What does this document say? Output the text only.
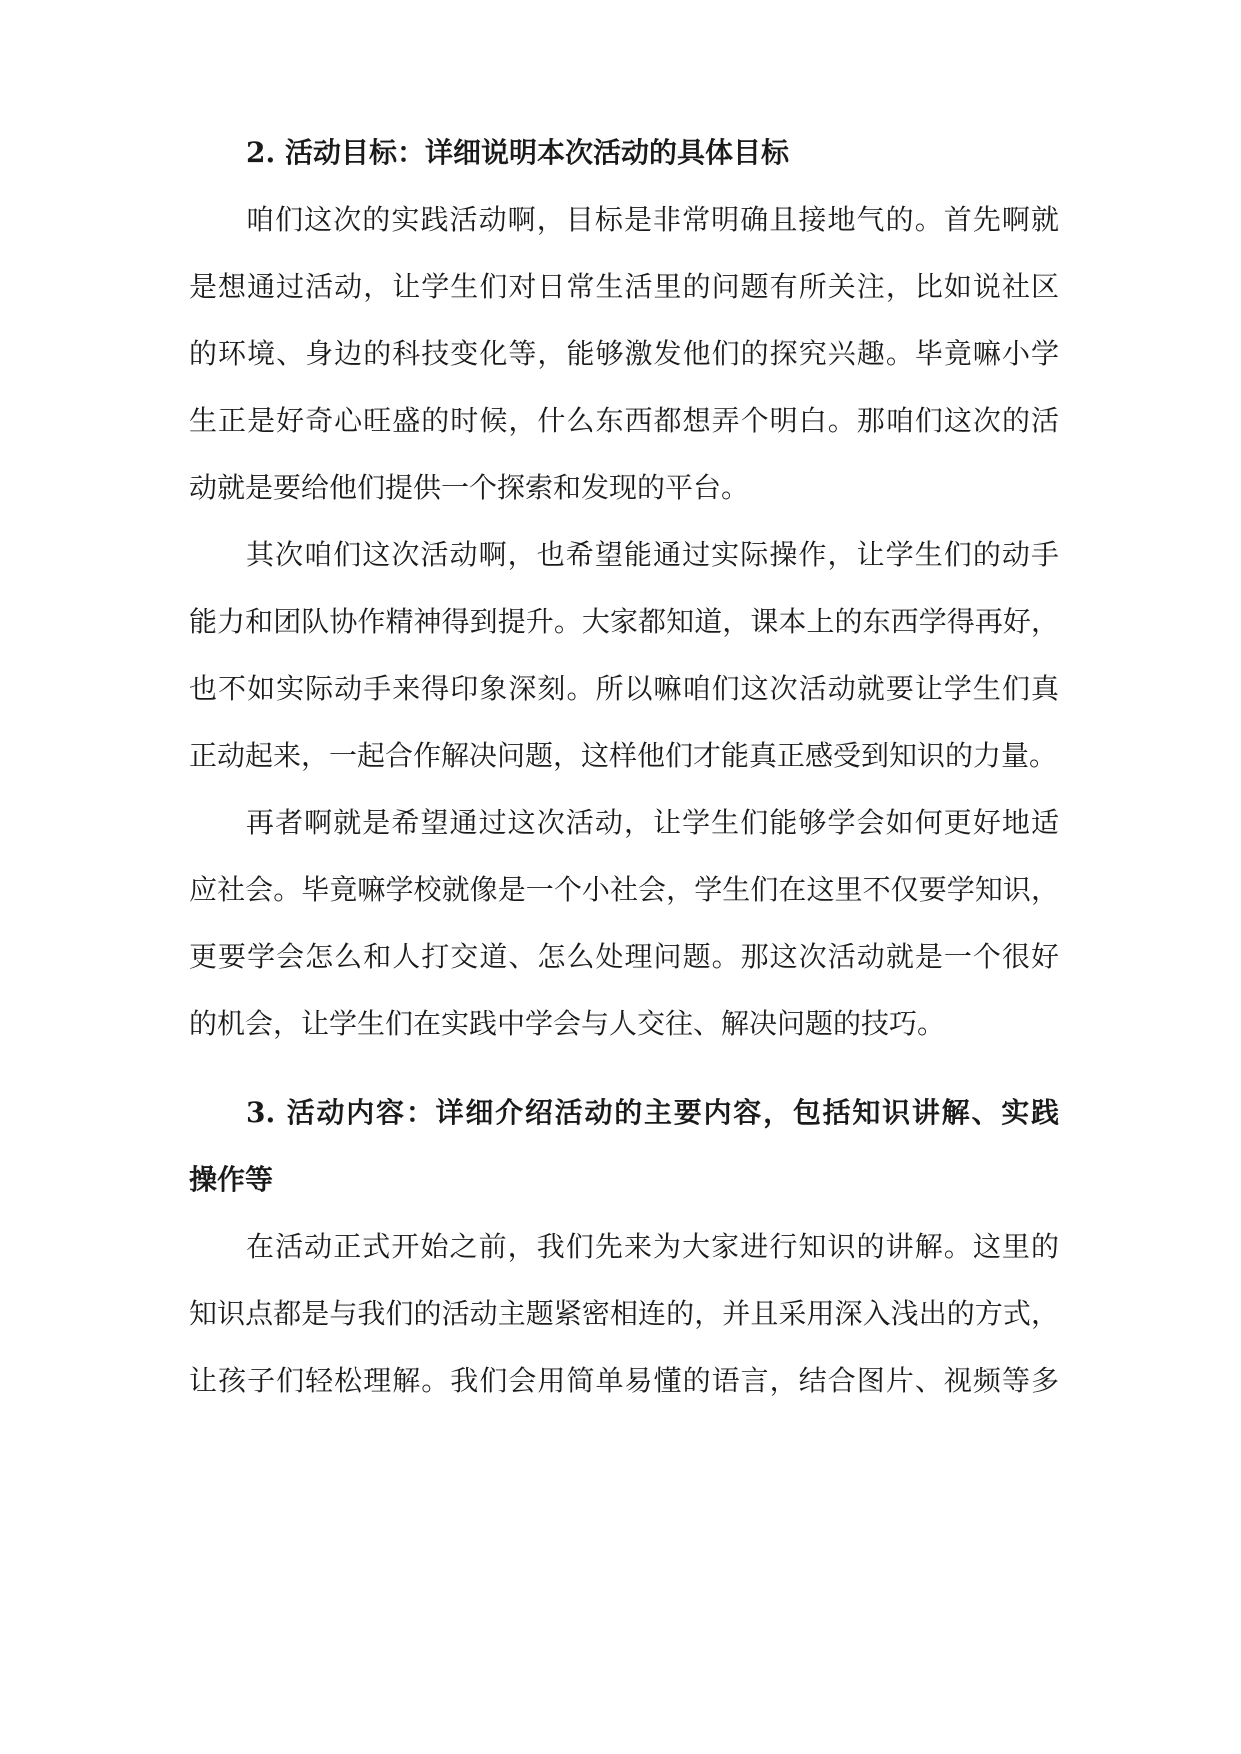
2. 活动目标：详细说明本次活动的具体目标
咱们这次的实践活动啊，目标是非常明确且接地气的。首先啊就
是想通过活动，让学生们对日常生活里的问题有所关注，比如说社区
的环境、身边的科技变化等，能够激发他们的探究兴趣。毕竟嘛小学
生正是好奇心旺盛的时候，什么东西都想弄个明白。那咱们这次的活
动就是要给他们提供一个探索和发现的平台。
其次咱们这次活动啊，也希望能通过实际操作，让学生们的动手
能力和团队协作精神得到提升。大家都知道，课本上的东西学得再好，
也不如实际动手来得印象深刻。所以嘛咱们这次活动就要让学生们真
正动起来，一起合作解决问题，这样他们才能真正感受到知识的力量。
再者啊就是希望通过这次活动，让学生们能够学会如何更好地适
应社会。毕竟嘛学校就像是一个小社会，学生们在这里不仅要学知识，
更要学会怎么和人打交道、怎么处理问题。那这次活动就是一个很好
的机会，让学生们在实践中学会与人交往、解决问题的技巧。
3. 活动内容：详细介绍活动的主要内容，包括知识讲解、实践
操作等
在活动正式开始之前，我们先来为大家进行知识的讲解。这里的
知识点都是与我们的活动主题紧密相连的，并且采用深入浅出的方式，
让孩子们轻松理解。我们会用简单易懂的语言，结合图片、视频等多
